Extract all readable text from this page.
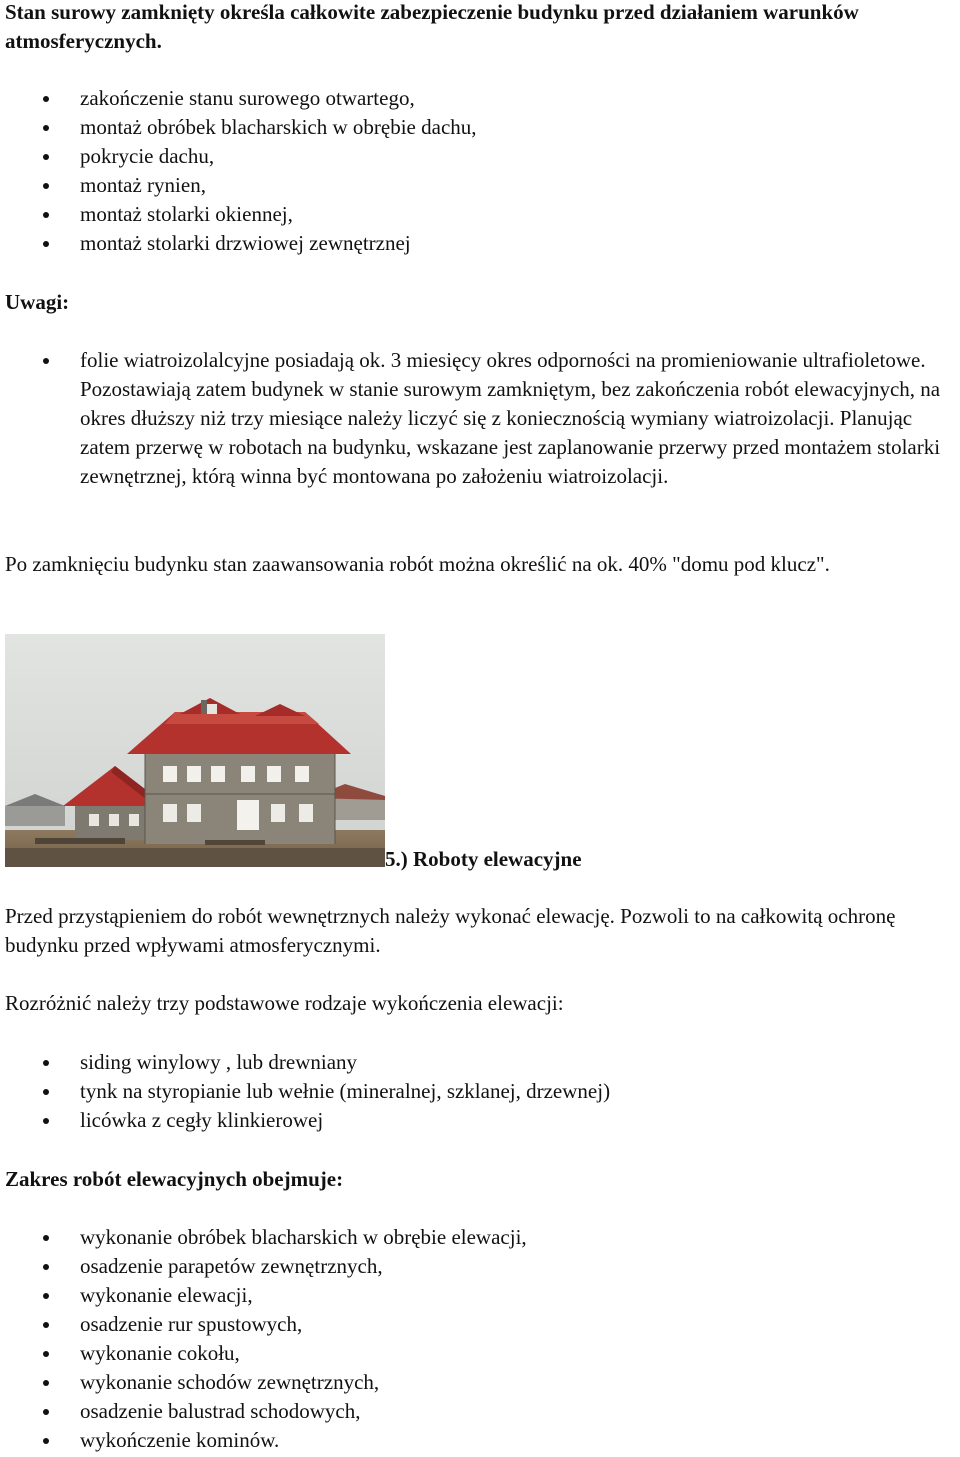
Stan surowy zamknięty określa całkowite zabezpieczenie budynku przed działaniem warunków atmosferycznych.

zakończenie stanu surowego otwartego,
montaż obróbek blacharskich w obrębie dachu,
pokrycie dachu,
montaż rynien,
montaż stolarki okiennej,
montaż stolarki drzwiowej zewnętrznej

Uwagi:

folie wiatroizolalcyjne posiadają ok. 3 miesięcy okres odporności na promieniowanie ultrafioletowe. Pozostawiają zatem budynek w stanie surowym zamkniętym, bez zakończenia robót elewacyjnych, na okres dłuższy niż trzy miesiące należy liczyć się z koniecznością wymiany wiatroizolacji. Planując zatem przerwę w robotach na budynku, wskazane jest zaplanowanie przerwy przed montażem stolarki zewnętrznej, którą winna być montowana po założeniu wiatroizolacji.

Po zamknięciu budynku stan zaawansowania robót można określić na ok. 40% "domu pod klucz".

5.) Roboty elewacyjne

Przed przystąpieniem do robót wewnętrznych należy wykonać elewację. Pozwoli to na całkowitą ochronę budynku przed wpływami atmosferycznymi.

Rozróżnić należy trzy podstawowe rodzaje wykończenia elewacji:

siding winylowy , lub drewniany
tynk na styropianie lub wełnie (mineralnej, szklanej, drzewnej)
licówka z cegły klinkierowej

Zakres robót elewacyjnych obejmuje:

wykonanie obróbek blacharskich w obrębie elewacji,
osadzenie parapetów zewnętrznych,
wykonanie elewacji,
osadzenie rur spustowych,
wykonanie cokołu,
wykonanie schodów zewnętrznych,
osadzenie balustrad schodowych,
wykończenie kominów.
